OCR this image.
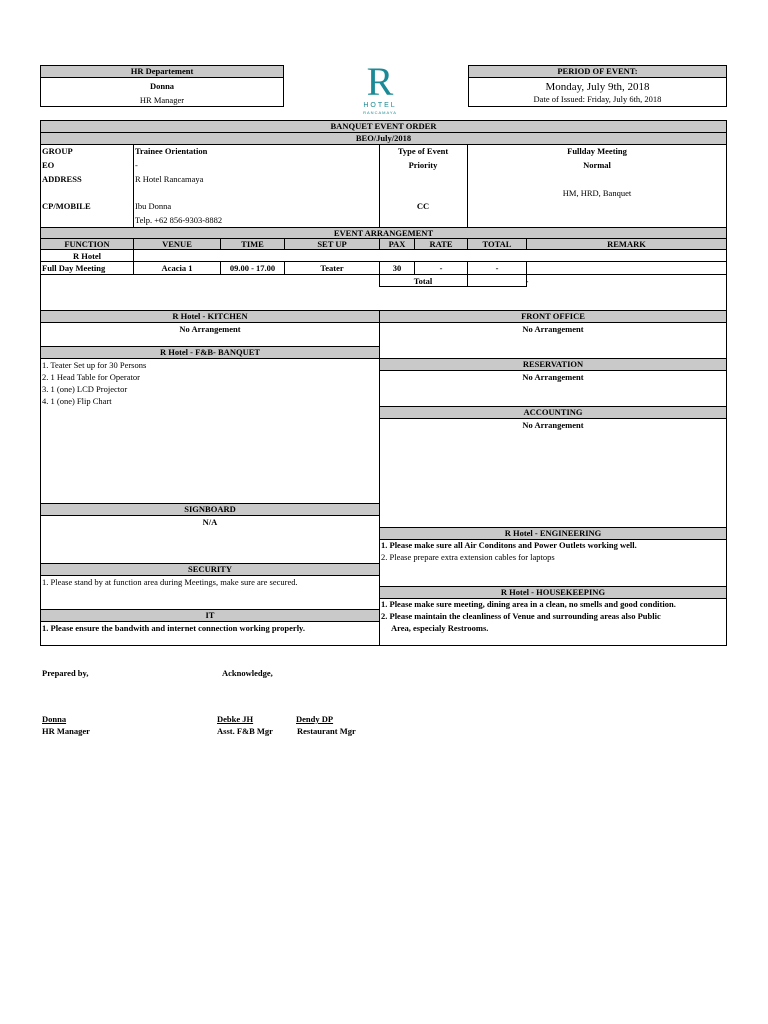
HR Departement
Donna
HR Manager	R
HOTEL
RANCAMAYA
PERIOD OF EVENT:
Monday, July 9th, 2018
Date of Issued: Friday, July 6th, 2018
BANQUET EVENT ORDER
BEO/July/2018
GROUP	Trainee Orientation
EO	-
ADDRESS	R Hotel Rancamaya
CP/MOBILE	Ibu Donna
Telp. +62 856-9303-8882
Type of Event	Fullday Meeting
Priority	Normal
HM, HRD, Banquet
CC
EVENT ARRANGEMENT
FUNCTION	VENUE	TIME	SET UP	PAX	RATE	TOTAL	REMARK
R Hotel
Full Day Meeting	Acacia 1	09.00 - 17.00	Teater	30	-	-
Total	-
R Hotel - KITCHEN
No Arrangement
R Hotel - F&B- BANQUET
1. Teater Set up for 30 Persons
2. 1 Head Table for Operator
3. 1 (one) LCD Projector
4. 1 (one) Flip Chart
SIGNBOARD
N/A
SECURITY
1. Please stand by at function area during Meetings, make sure are secured.
IT
1. Please ensure the bandwith and internet connection working properly.
FRONT OFFICE
No Arrangement
RESERVATION
No Arrangement
ACCOUNTING
No Arrangement
R Hotel - ENGINEERING
1. Please make sure all Air Conditons and Power Outlets working well.
2. Please prepare extra extension cables for laptops
R Hotel - HOUSEKEEPING
1. Please make sure meeting, dining area in a clean, no smells and good condition.
2. Please maintain the cleanliness of Venue and surrounding areas also Public
Area, especialy Restrooms.
Prepared by,	Acknowledge,
Donna
HR Manager
Debke JH
Asst. F&B Mgr
Dendy DP
Restaurant Mgr
